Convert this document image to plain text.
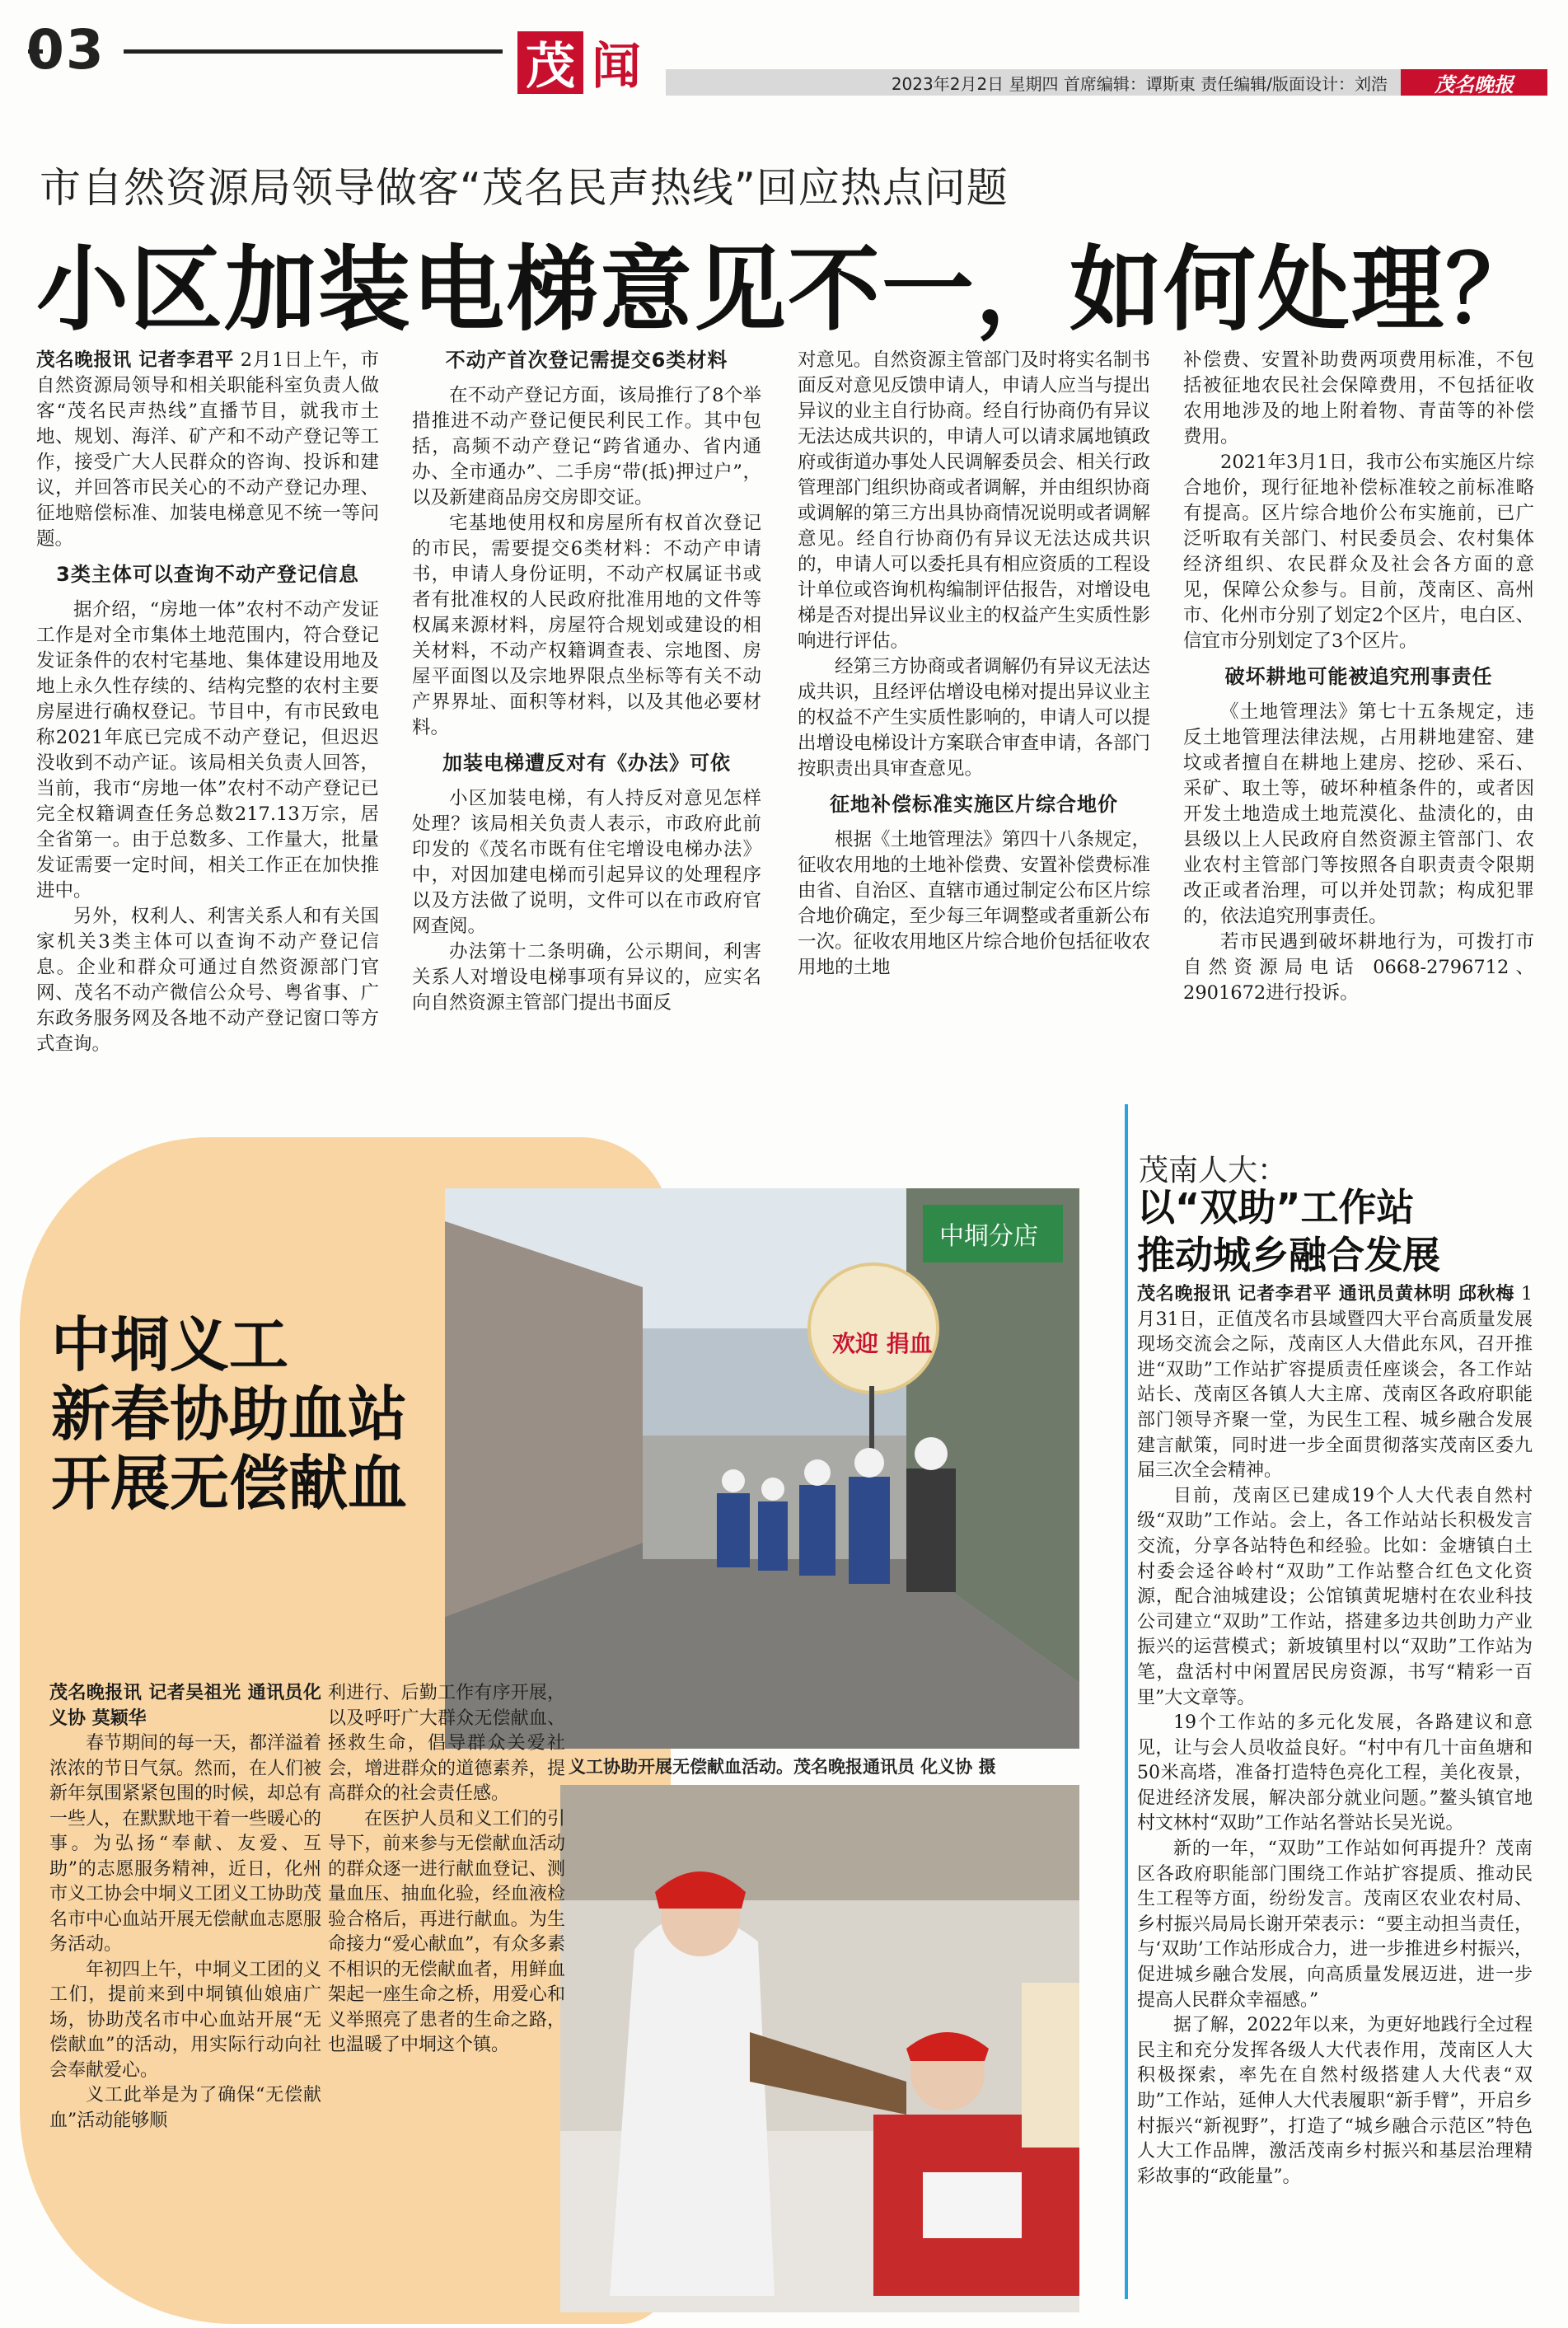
03	茂 闻	2023年2月2日 星期四 首席编辑：谭斯東 责任编辑/版面设计：刘浩	茂名晚报
市自然资源局领导做客“茂名民声热线”回应热点问题
小区加装电梯意见不一，如何处理？

茂名晚报讯 记者李君平 2月1日上午，市自然资源局领导和相关职能科室负责人做客“茂名民声热线”直播节目，就我市土地、规划、海洋、矿产和不动产登记等工作，接受广大人民群众的咨询、投诉和建议，并回答市民关心的不动产登记办理、征地赔偿标准、加装电梯意见不统一等问题。

3类主体可以查询不动产登记信息

据介绍，“房地一体”农村不动产发证工作是对全市集体土地范围内，符合登记发证条件的农村宅基地、集体建设用地及地上永久性存续的、结构完整的农村主要房屋进行确权登记。节目中，有市民致电称2021年底已完成不动产登记，但迟迟没收到不动产证。该局相关负责人回答，当前，我市“房地一体”农村不动产登记已完全权籍调查任务总数217.13万宗，居全省第一。由于总数多、工作量大，批量发证需要一定时间，相关工作正在加快推进中。

另外，权利人、利害关系人和有关国家机关3类主体可以查询不动产登记信息。企业和群众可通过自然资源部门官网、茂名不动产微信公众号、粤省事、广东政务服务网及各地不动产登记窗口等方式查询。

不动产首次登记需提交6类材料

在不动产登记方面，该局推行了8个举措推进不动产登记便民利民工作。其中包括，高频不动产登记“跨省通办、省内通办、全市通办”、二手房“带(抵)押过户”，以及新建商品房交房即交证。

宅基地使用权和房屋所有权首次登记的市民，需要提交6类材料：不动产申请书，申请人身份证明，不动产权属证书或者有批准权的人民政府批准用地的文件等权属来源材料，房屋符合规划或建设的相关材料，不动产权籍调查表、宗地图、房屋平面图以及宗地界限点坐标等有关不动产界界址、面积等材料，以及其他必要材料。

加装电梯遭反对有《办法》可依

小区加装电梯，有人持反对意见怎样处理？该局相关负责人表示，市政府此前印发的《茂名市既有住宅增设电梯办法》中，对因加建电梯而引起异议的处理程序以及方法做了说明，文件可以在市政府官网查阅。

办法第十二条明确，公示期间，利害关系人对增设电梯事项有异议的，应实名向自然资源主管部门提出书面反

对意见。自然资源主管部门及时将实名制书面反对意见反馈申请人，申请人应当与提出异议的业主自行协商。经自行协商仍有异议无法达成共识的，申请人可以请求属地镇政府或街道办事处人民调解委员会、相关行政管理部门组织协商或者调解，并由组织协商或调解的第三方出具协商情况说明或者调解意见。经自行协商仍有异议无法达成共识的，申请人可以委托具有相应资质的工程设计单位或咨询机构编制评估报告，对增设电梯是否对提出异议业主的权益产生实质性影响进行评估。

经第三方协商或者调解仍有异议无法达成共识，且经评估增设电梯对提出异议业主的权益不产生实质性影响的，申请人可以提出增设电梯设计方案联合审查申请，各部门按职责出具审查意见。

征地补偿标准实施区片综合地价

根据《土地管理法》第四十八条规定，征收农用地的土地补偿费、安置补偿费标准由省、自治区、直辖市通过制定公布区片综合地价确定，至少每三年调整或者重新公布一次。征收农用地区片综合地价包括征收农用地的土地

补偿费、安置补助费两项费用标准，不包括被征地农民社会保障费用，不包括征收农用地涉及的地上附着物、青苗等的补偿费用。

2021年3月1日，我市公布实施区片综合地价，现行征地补偿标准较之前标准略有提高。区片综合地价公布实施前，已广泛听取有关部门、村民委员会、农村集体经济组织、农民群众及社会各方面的意见，保障公众参与。目前，茂南区、高州市、化州市分别了划定2个区片，电白区、信宜市分别划定了3个区片。

破坏耕地可能被追究刑事责任

《土地管理法》第七十五条规定，违反土地管理法律法规，占用耕地建窑、建坟或者擅自在耕地上建房、挖砂、采石、采矿、取土等，破坏种植条件的，或者因开发土地造成土地荒漠化、盐渍化的，由县级以上人民政府自然资源主管部门、农业农村主管部门等按照各自职责责令限期改正或者治理，可以并处罚款；构成犯罪的，依法追究刑事责任。

若市民遇到破坏耕地行为，可拨打市自然资源局电话 0668-2796712、2901672进行投诉。

中垌义工
新春协助血站
开展无偿献血
中垌分店
欢迎 捐血
义工协助开展无偿献血活动。茂名晚报通讯员 化义协 摄

茂名晚报讯 记者吴祖光 通讯员化义协 莫颖华

春节期间的每一天，都洋溢着浓浓的节日气氛。然而，在人们被新年氛围紧紧包围的时候，却总有一些人，在默默地干着一些暖心的事。为弘扬“奉献、友爱、互助”的志愿服务精神，近日，化州市义工协会中垌义工团义工协助茂名市中心血站开展无偿献血志愿服务活动。

年初四上午，中垌义工团的义工们，提前来到中垌镇仙娘庙广场，协助茂名市中心血站开展“无偿献血”的活动，用实际行动向社会奉献爱心。

义工此举是为了确保“无偿献血”活动能够顺

利进行、后勤工作有序开展，以及呼吁广大群众无偿献血、拯救生命，倡导群众关爱社会，增进群众的道德素养，提高群众的社会责任感。

在医护人员和义工们的引导下，前来参与无偿献血活动的群众逐一进行献血登记、测量血压、抽血化验，经血液检验合格后，再进行献血。为生命接力“爱心献血”，有众多素不相识的无偿献血者，用鲜血架起一座生命之桥，用爱心和义举照亮了患者的生命之路，也温暖了中垌这个镇。

茂南人大：
以“双助”工作站
推动城乡融合发展

茂名晚报讯 记者李君平 通讯员黄林明 邱秋梅 1月31日，正值茂名市县域暨四大平台高质量发展现场交流会之际，茂南区人大借此东风，召开推进“双助”工作站扩容提质责任座谈会，各工作站站长、茂南区各镇人大主席、茂南区各政府职能部门领导齐聚一堂，为民生工程、城乡融合发展建言献策，同时进一步全面贯彻落实茂南区委九届三次全会精神。

目前，茂南区已建成19个人大代表自然村级“双助”工作站。会上，各工作站站长积极发言交流，分享各站特色和经验。比如：金塘镇白土村委会迳谷岭村“双助”工作站整合红色文化资源，配合油城建设；公馆镇黄坭塘村在农业科技公司建立“双助”工作站，搭建多边共创助力产业振兴的运营模式；新坡镇里村以“双助”工作站为笔，盘活村中闲置居民房资源，书写“精彩一百里”大文章等。

19个工作站的多元化发展，各路建议和意见，让与会人员收益良好。“村中有几十亩鱼塘和50米高塔，准备打造特色亮化工程，美化夜景，促进经济发展，解决部分就业问题。”鳌头镇官地村文林村“双助”工作站名誉站长吴光说。

新的一年，“双助”工作站如何再提升？茂南区各政府职能部门围绕工作站扩容提质、推动民生工程等方面，纷纷发言。茂南区农业农村局、乡村振兴局局长谢开荣表示：“要主动担当责任，与‘双助’工作站形成合力，进一步推进乡村振兴，促进城乡融合发展，向高质量发展迈进，进一步提高人民群众幸福感。”

据了解，2022年以来，为更好地践行全过程民主和充分发挥各级人大代表作用，茂南区人大积极探索，率先在自然村级搭建人大代表“双助”工作站，延伸人大代表履职“新手臂”，开启乡村振兴“新视野”，打造了“城乡融合示范区”特色人大工作品牌，激活茂南乡村振兴和基层治理精彩故事的“政能量”。
